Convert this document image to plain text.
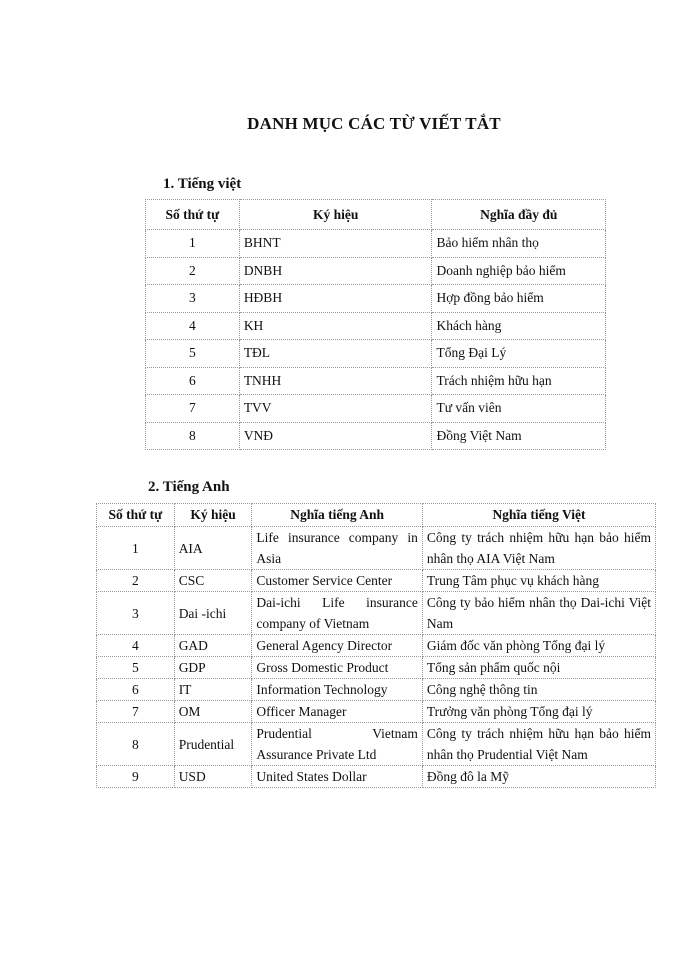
DANH MỤC CÁC TỪ VIẾT TẮT
1. Tiếng việt
Số thứ tự	Ký hiệu	Nghĩa đầy đủ
1	BHNT	Bảo hiểm nhân thọ
2	DNBH	Doanh nghiệp bảo hiểm
3	HĐBH	Hợp đồng bảo hiểm
4	KH	Khách hàng
5	TĐL	Tổng Đại Lý
6	TNHH	Trách nhiệm hữu hạn
7	TVV	Tư vấn viên
8	VNĐ	Đồng Việt Nam
2. Tiếng Anh
Số thứ tự	Ký hiệu	Nghĩa tiếng Anh	Nghĩa tiếng Việt
1	AIA	Life insurance company in Asia	Công ty trách nhiệm hữu hạn bảo hiểm nhân thọ AIA Việt Nam
2	CSC	Customer Service Center	Trung Tâm phục vụ khách hàng
3	Dai -ichi	Dai-ichi Life insurance company of Vietnam	Công ty bảo hiểm nhân thọ Dai-ichi Việt Nam
4	GAD	General Agency Director	Giám đốc văn phòng Tổng đại lý
5	GDP	Gross Domestic Product	Tổng sản phẩm quốc nội
6	IT	Information Technology	Công nghệ thông tin
7	OM	Officer Manager	Trưởng văn phòng Tổng đại lý
8	Prudential	Prudential Vietnam Assurance Private Ltd	Công ty trách nhiệm hữu hạn bảo hiểm nhân thọ Prudential Việt Nam
9	USD	United States Dollar	Đồng đô la Mỹ
